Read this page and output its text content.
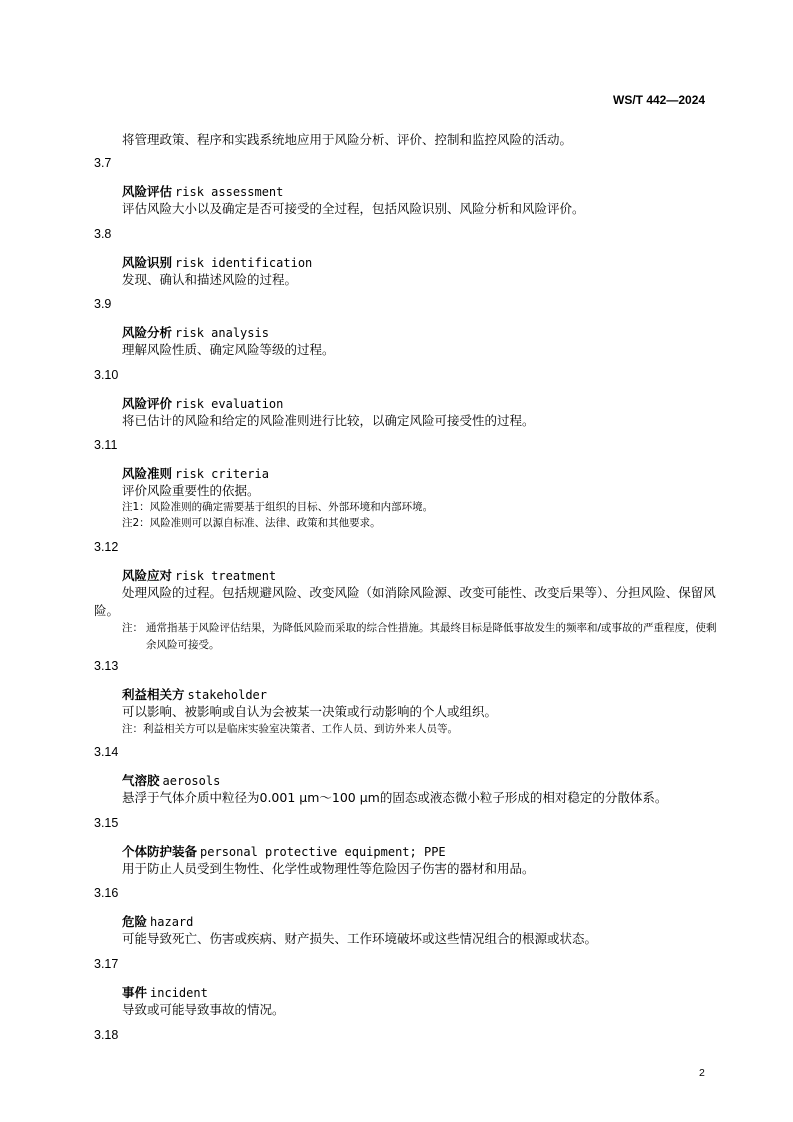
WS/T 442—2024
将管理政策、程序和实践系统地应用于风险分析、评价、控制和监控风险的活动。
3.7
风险评估 risk assessment
评估风险大小以及确定是否可接受的全过程，包括风险识别、风险分析和风险评价。
3.8
风险识别 risk identification
发现、确认和描述风险的过程。
3.9
风险分析 risk analysis
理解风险性质、确定风险等级的过程。
3.10
风险评价 risk evaluation
将已估计的风险和给定的风险准则进行比较，以确定风险可接受性的过程。
3.11
风险准则 risk criteria
评价风险重要性的依据。
注1：风险准则的确定需要基于组织的目标、外部环境和内部环境。
注2：风险准则可以源自标准、法律、政策和其他要求。
3.12
风险应对 risk treatment
处理风险的过程。包括规避风险、改变风险（如消除风险源、改变可能性、改变后果等）、分担风险、保留风险。
注： 通常指基于风险评估结果，为降低风险而采取的综合性措施。其最终目标是降低事故发生的频率和/或事故的严重程度，使剩余风险可接受。
3.13
利益相关方 stakeholder
可以影响、被影响或自认为会被某一决策或行动影响的个人或组织。
注：利益相关方可以是临床实验室决策者、工作人员、到访外来人员等。
3.14
气溶胶 aerosols
悬浮于气体介质中粒径为0.001 μm～100 μm的固态或液态微小粒子形成的相对稳定的分散体系。
3.15
个体防护装备 personal protective equipment; PPE
用于防止人员受到生物性、化学性或物理性等危险因子伤害的器材和用品。
3.16
危险 hazard
可能导致死亡、伤害或疾病、财产损失、工作环境破坏或这些情况组合的根源或状态。
3.17
事件 incident
导致或可能导致事故的情况。
3.18
2
